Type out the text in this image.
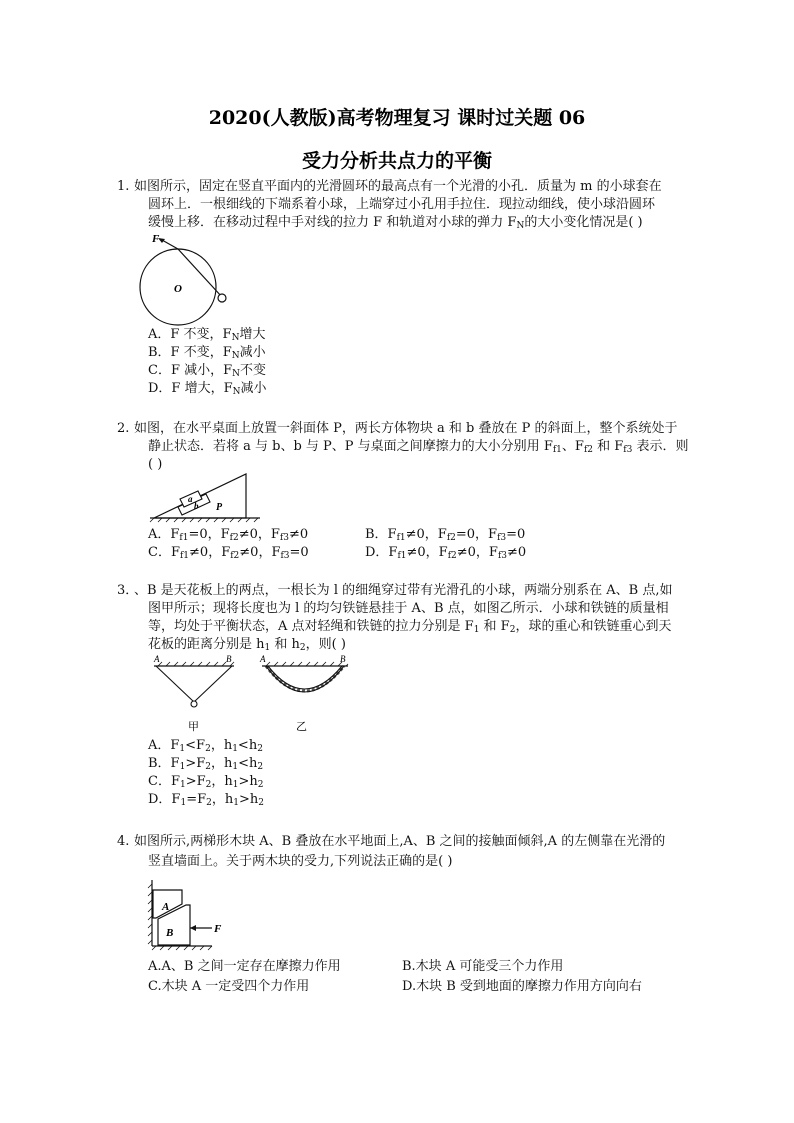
2020(人教版)高考物理复习 课时过关题 06
受力分析共点力的平衡
1. 如图所示，固定在竖直平面内的光滑圆环的最高点有一个光滑的小孔．质量为 m 的小球套在
圆环上．一根细线的下端系着小球，上端穿过小孔用手拉住．现拉动细线，使小球沿圆环
缓慢上移．在移动过程中手对线的拉力 F 和轨道对小球的弹力 $F_N$的大小变化情况是( )
F
O
A．F 不变，$F_N$增大
B．F 不变，$F_N$减小
C．F 减小，$F_N$不变
D．F 增大，$F_N$减小
2. 如图，在水平桌面上放置一斜面体 P，两长方体物块 a 和 b 叠放在 P 的斜面上，整个系统处于
静止状态．若将 a 与 b、b 与 P、P 与桌面之间摩擦力的大小分别用 $F_{f1}$、$F_{f2}$ 和 $F_{f3}$ 表示．则
( )
a
b P
A．$F_{f1}=0$，$F_{f2}\ne 0$，$F_{f3}\ne 0$	B．$F_{f1}\ne 0$，$F_{f2}=0$，$F_{f3}=0$
C．$F_{f1}\ne 0$，$F_{f2}\ne 0$，$F_{f3}=0$	D．$F_{f1}\ne 0$，$F_{f2}\ne 0$，$F_{f3}\ne 0$
3．
、B 是天花板上的两点，一根长为 l 的细绳穿过带有光滑孔的小球，两端分别系在 A、B 点,如
图甲所示；现将长度也为 l 的均匀铁链悬挂于 A、B 点，如图乙所示．小球和铁链的质量相
等，均处于平衡状态，A 点对轻绳和铁链的拉力分别是 $F_1$ 和 $F_2$，球的重心和铁链重心到天
花板的距离分别是 $h_1$ 和 $h_2$，则( )
A	B
甲
A	B
乙
A．$F_1<F_2$，$h_1<h_2$
B．$F_1>F_2$，$h_1<h_2$
C．$F_1>F_2$，$h_1>h_2$
D．$F_1=F_2$，$h_1>h_2$
4. 如图所示,两梯形木块 A、B 叠放在水平地面上,A、B 之间的接触面倾斜,A 的左侧靠在光滑的
竖直墙面上。关于两木块的受力,下列说法正确的是( )
A
B	F
A.A、B 之间一定存在摩擦力作用	B.木块 A 可能受三个力作用
C.木块 A 一定受四个力作用	D.木块 B 受到地面的摩擦力作用方向向右
